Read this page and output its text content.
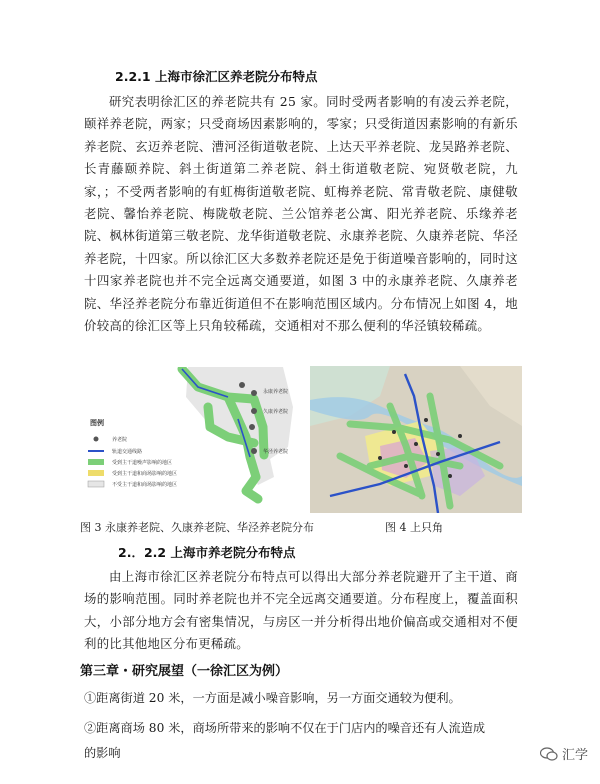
2.2.1 上海市徐汇区养老院分布特点

研究表明徐汇区的养老院共有 25 家。同时受两者影响的有凌云养老院，颐祥养老院，两家；只受商场因素影响的，零家；只受街道因素影响的有新乐养老院、玄迈养老院、漕河泾街道敬老院、上达天平养老院、龙吴路养老院、长青藤颐养院、斜土街道第二养老院、斜土街道敬老院、宛贤敬老院，九家，；不受两者影响的有虹梅街道敬老院、虹梅养老院、常青敬老院、康健敬老院、馨怡养老院、梅陇敬老院、兰公馆养老公寓、阳光养老院、乐缘养老院、枫林街道第三敬老院、龙华街道敬老院、永康养老院、久康养老院、华泾养老院，十四家。所以徐汇区大多数养老院还是免于街道噪音影响的，同时这十四家养老院也并不完全远离交通要道，如图 3 中的永康养老院、久康养老院、华泾养老院分布靠近街道但不在影响范围区域内。分布情况上如图 4，地价较高的徐汇区等上只角较稀疏，交通相对不那么便利的华泾镇较稀疏。

永康养老院
久康养老院
华泾养老院
图例
养老院
轨道交通线路
受到主干道噪声影响的地区
受到主干道和商场影响的地区
不受主干道和商场影响的地区
图 3 永康养老院、久康养老院、华泾养老院分布	图 4 上只角
2.．2.2 上海市养老院分布特点

由上海市徐汇区养老院分布特点可以得出大部分养老院避开了主干道、商场的影响范围。同时养老院也并不完全远离交通要道。分布程度上，覆盖面积大，小部分地方会有密集情况，与房区一并分析得出地价偏高或交通相对不便利的比其他地区分布更稀疏。

第三章・研究展望（一徐汇区为例）
①距离街道 20 米，一方面是减小噪音影响，另一方面交通较为便利。
②距离商场 80 米，商场所带来的影响不仅在于门店内的噪音还有人流造成
的影响	汇学
